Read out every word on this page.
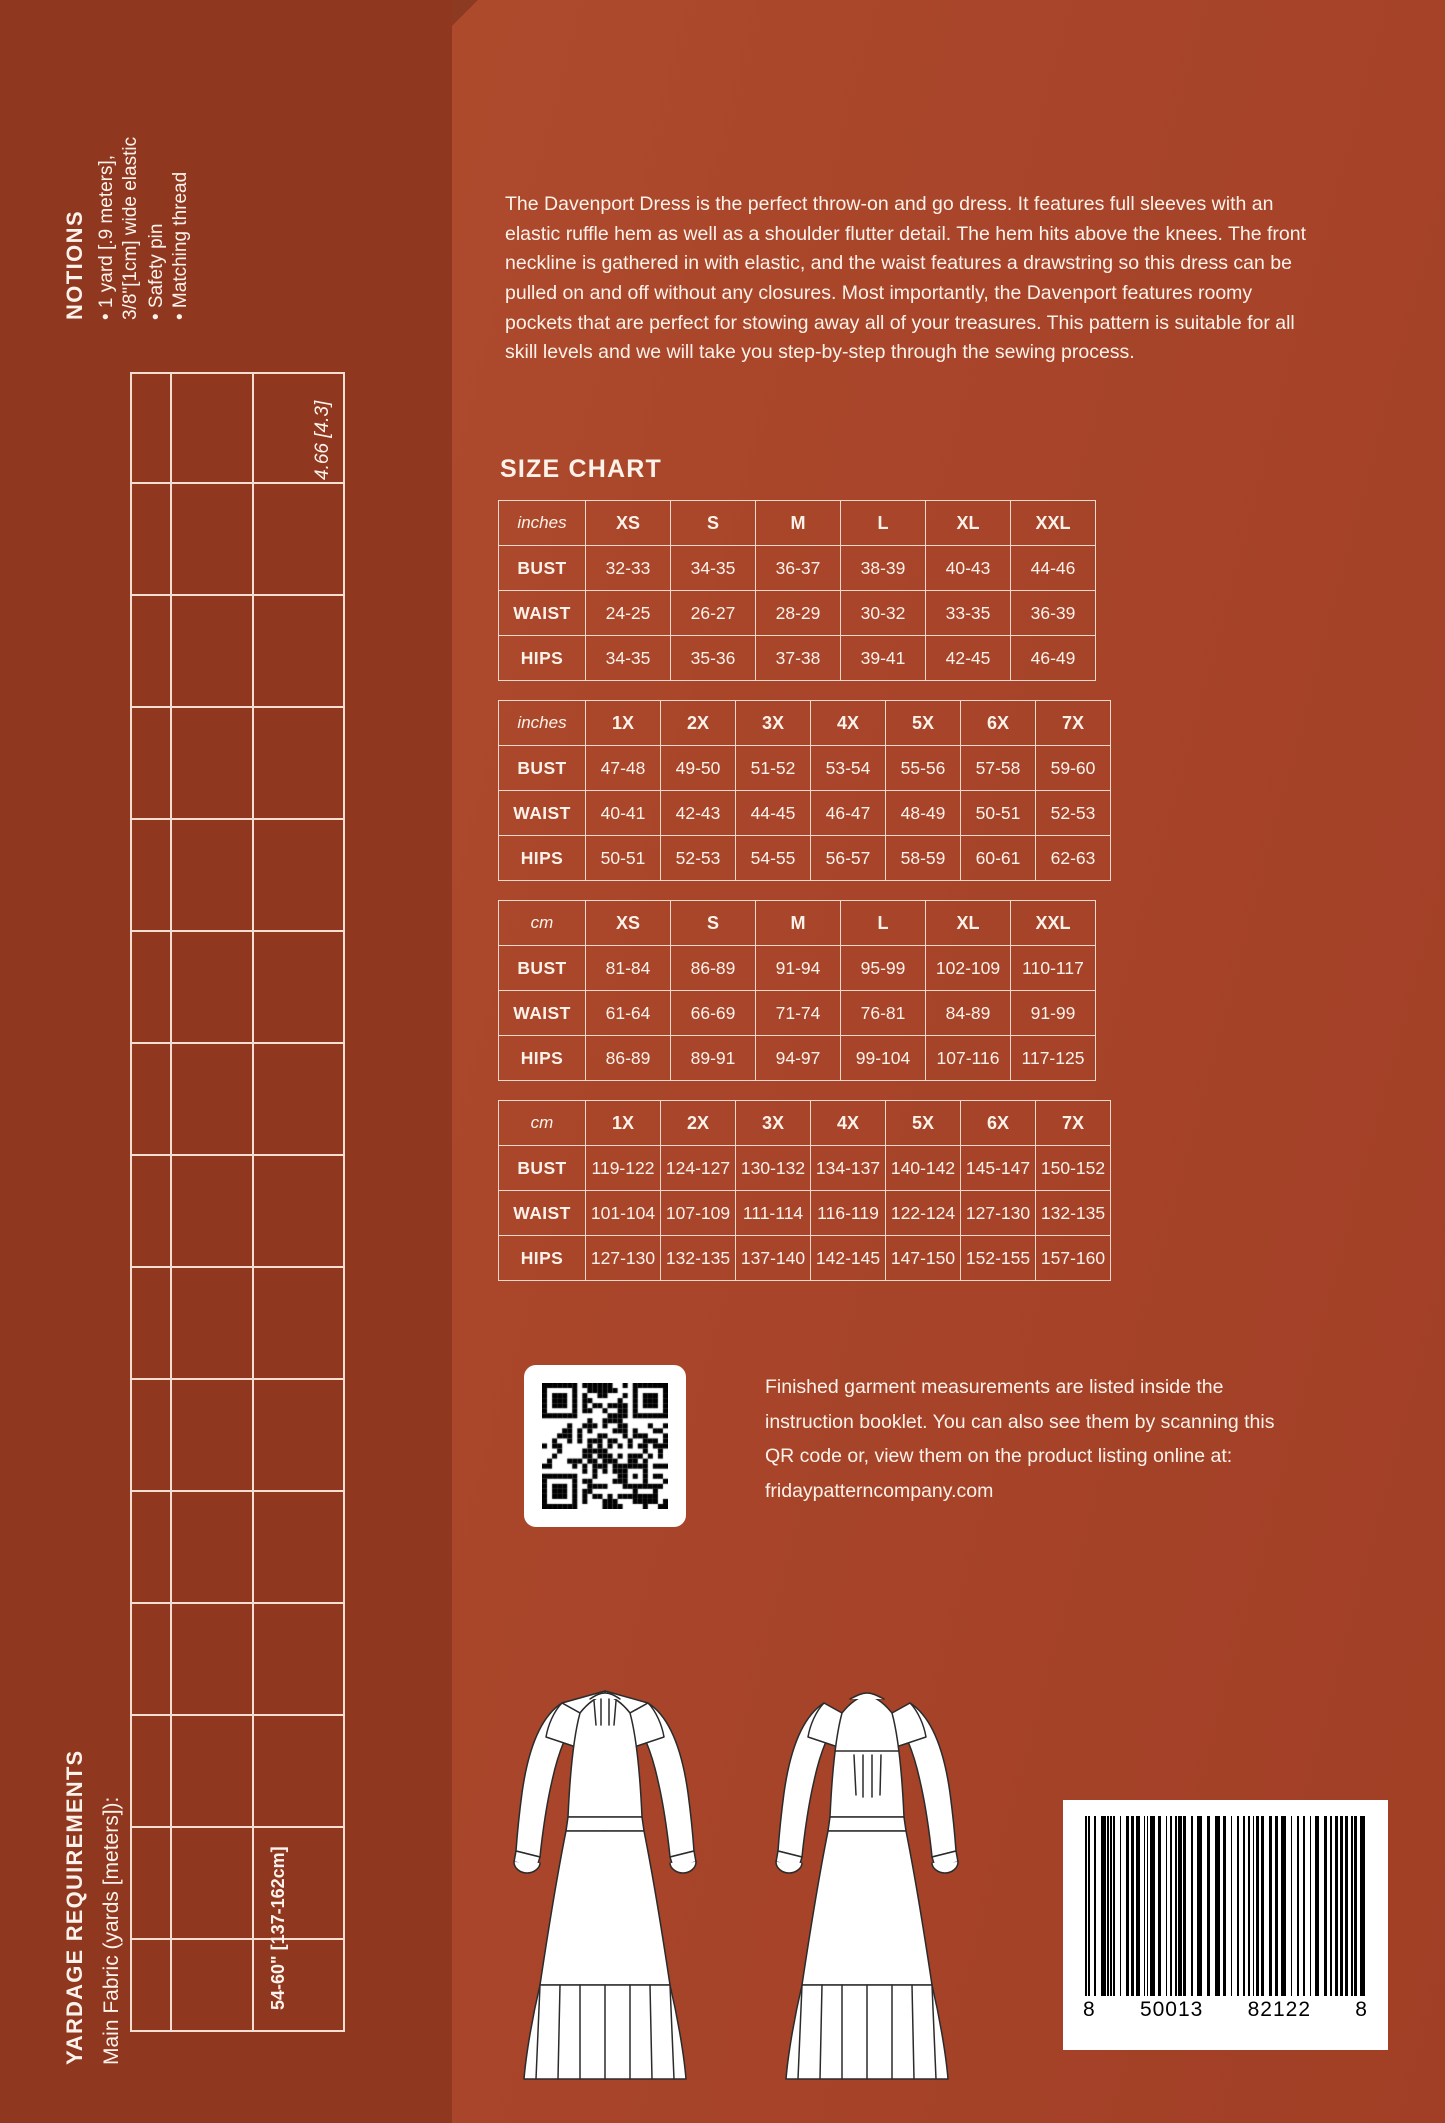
NOTIONS • 1 yard [.9 meters], 3/8"[1cm] wide elastic • Safety pin • Matching thread
YARDAGE REQUIREMENTS Main Fabric (yards [meters]):	54-60" [137-162cm]
4.66 [4.3]
The Davenport Dress is the perfect throw-on and go dress. It features full sleeves with an elastic ruffle hem as well as a shoulder flutter detail. The hem hits above the knees. The front neckline is gathered in with elastic, and the waist features a drawstring so this dress can be pulled on and off without any closures. Most importantly, the Davenport features roomy pockets that are perfect for stowing away all of your treasures. This pattern is suitable for all skill levels and we will take you step-by-step through the sewing process.
SIZE CHART
inches	XS	S	M	L	XL	XXL
BUST	32-33	34-35	36-37	38-39	40-43	44-46
WAIST	24-25	26-27	28-29	30-32	33-35	36-39
HIPS	34-35	35-36	37-38	39-41	42-45	46-49
inches	1X	2X	3X	4X	5X	6X	7X
BUST	47-48	49-50	51-52	53-54	55-56	57-58	59-60
WAIST	40-41	42-43	44-45	46-47	48-49	50-51	52-53
HIPS	50-51	52-53	54-55	56-57	58-59	60-61	62-63
cm	XS	S	M	L	XL	XXL
BUST	81-84	86-89	91-94	95-99	102-109	110-117
WAIST	61-64	66-69	71-74	76-81	84-89	91-99
HIPS	86-89	89-91	94-97	99-104	107-116	117-125
cm	1X	2X	3X	4X	5X	6X	7X
BUST	119-122	124-127	130-132	134-137	140-142	145-147	150-152
WAIST	101-104	107-109	111-114	116-119	122-124	127-130	132-135
HIPS	127-130	132-135	137-140	142-145	147-150	152-155	157-160
Finished garment measurements are listed inside the instruction booklet. You can also see them by scanning this QR code or, view them on the product listing online at: fridaypatterncompany.com
8 50013 82122 8
